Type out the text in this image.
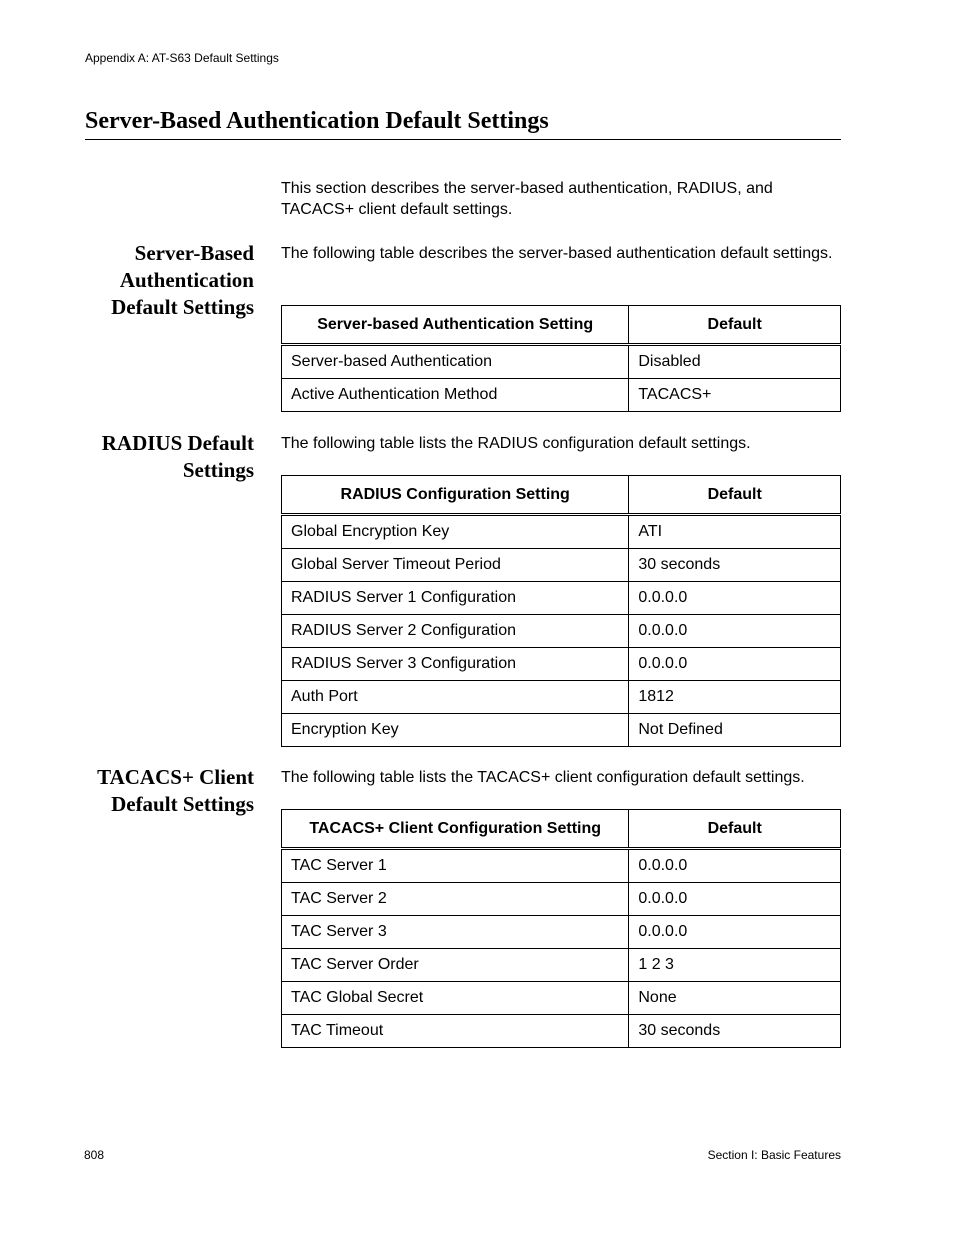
Appendix A: AT-S63 Default Settings
Server-Based Authentication Default Settings

This section describes the server-based authentication, RADIUS, and TACACS+ client default settings.

Server-Based Authentication Default Settings

The following table describes the server-based authentication default settings.

Server-based Authentication Setting	Default
Server-based Authentication	Disabled
Active Authentication Method	TACACS+
RADIUS Default Settings

The following table lists the RADIUS configuration default settings.

RADIUS Configuration Setting	Default
Global Encryption Key	ATI
Global Server Timeout Period	30 seconds
RADIUS Server 1 Configuration	0.0.0.0
RADIUS Server 2 Configuration	0.0.0.0
RADIUS Server 3 Configuration	0.0.0.0
Auth Port	1812
Encryption Key	Not Defined
TACACS+ Client Default Settings

The following table lists the TACACS+ client configuration default settings.

TACACS+ Client Configuration Setting	Default
TAC Server 1	0.0.0.0
TAC Server 2	0.0.0.0
TAC Server 3	0.0.0.0
TAC Server Order	1 2 3
TAC Global Secret	None
TAC Timeout	30 seconds
808	Section I: Basic Features
